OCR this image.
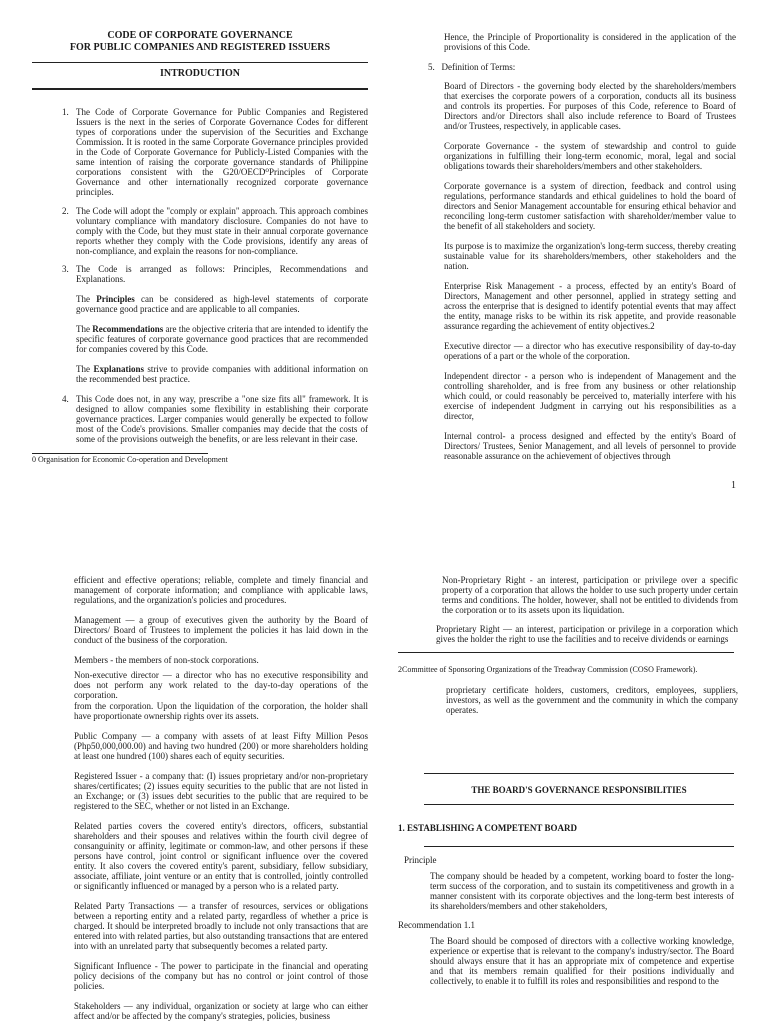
CODE OF CORPORATE GOVERNANCE

FOR PUBLIC COMPANIES AND REGISTERED ISSUERS

INTRODUCTION

1. The Code of Corporate Governance for Public Companies and Registered Issuers is the next in the series of Corporate Governance Codes for different types of corporations under the supervision of the Securities and Exchange Commission. It is rooted in the same Corporate Governance principles provided in the Code of Corporate Governance for Publicly-Listed Companies with the same intention of raising the corporate governance standards of Philippine corporations consistent with the G20/OECD⁰Principles of Corporate Governance and other internationally recognized corporate governance principles.

2. The Code will adopt the "comply or explain" approach. This approach combines voluntary compliance with mandatory disclosure. Companies do not have to comply with the Code, but they must state in their annual corporate governance reports whether they comply with the Code provisions, identify any areas of non-compliance, and explain the reasons for non-compliance.

3. The Code is arranged as follows: Principles, Recommendations and Explanations.

The Principles can be considered as high-level statements of corporate governance good practice and are applicable to all companies.

The Recommendations are the objective criteria that are intended to identify the specific features of corporate governance good practices that are recommended for companies covered by this Code.

The Explanations strive to provide companies with additional information on the recommended best practice.

4. This Code does not, in any way, prescribe a "one size fits all" framework. It is designed to allow companies some flexibility in establishing their corporate governance practices. Larger companies would generally be expected to follow most of the Code's provisions. Smaller companies may decide that the costs of some of the provisions outweigh the benefits, or are less relevant in their case.

0 Organisation for Economic Co-operation and Development

Hence, the Principle of Proportionality is considered in the application of the provisions of this Code.

5. Definition of Terms:

Board of Directors - the governing body elected by the shareholders/members that exercises the corporate powers of a corporation, conducts all its business and controls its properties. For purposes of this Code, reference to Board of Directors and/or Directors shall also include reference to Board of Trustees and/or Trustees, respectively, in applicable cases.

Corporate Governance - the system of stewardship and control to guide organizations in fulfilling their long-term economic, moral, legal and social obligations towards their shareholders/members and other stakeholders.

Corporate governance is a system of direction, feedback and control using regulations, performance standards and ethical guidelines to hold the board of directors and Senior Management accountable for ensuring ethical behavior and reconciling long-term customer satisfaction with shareholder/member value to the benefit of all stakeholders and society.

Its purpose is to maximize the organization's long-term success, thereby creating sustainable value for its shareholders/members, other stakeholders and the nation.

Enterprise Risk Management - a process, effected by an entity's Board of Directors, Management and other personnel, applied in strategy setting and across the enterprise that is designed to identify potential events that may affect the entity, manage risks to be within its risk appetite, and provide reasonable assurance regarding the achievement of entity objectives.2

Executive director — a director who has executive responsibility of day-to-day operations of a part or the whole of the corporation.

Independent director - a person who is independent of Management and the controlling shareholder, and is free from any business or other relationship which could, or could reasonably be perceived to, materially interfere with his exercise of independent Judgment in carrying out his responsibilities as a director,

Internal control- a process designed and effected by the entity's Board of Directors/ Trustees, Senior Management, and all levels of personnel to provide reasonable assurance on the achievement of objectives through

1

efficient and effective operations; reliable, complete and timely financial and management of corporate information; and compliance with applicable laws, regulations, and the organization's policies and procedures.

Management — a group of executives given the authority by the Board of Directors/ Board of Trustees to implement the policies it has laid down in the conduct of the business of the corporation.

Members - the members of non-stock corporations.

Non-executive director — a director who has no executive responsibility and does not perform any work related to the day-to-day operations of the corporation.

from the corporation. Upon the liquidation of the corporation, the holder shall have proportionate ownership rights over its assets.

Public Company — a company with assets of at least Fifty Million Pesos (Php50,000,000.00) and having two hundred (200) or more shareholders holding at least one hundred (100) shares each of equity securities.

Registered Issuer - a company that: (I) issues proprietary and/or non-proprietary shares/certificates; (2) issues equity securities to the public that are not listed in an Exchange; or (3) issues debt securities to the public that are required to be registered to the SEC, whether or not listed in an Exchange.

Related parties covers the covered entity's directors, officers, substantial shareholders and their spouses and relatives within the fourth civil degree of consanguinity or affinity, legitimate or common-law, and other persons if these persons have control, joint control or significant influence over the covered entity. It also covers the covered entity's parent, subsidiary, fellow subsidiary, associate, affiliate, joint venture or an entity that is controlled, jointly controlled or significantly influenced or managed by a person who is a related party.

Related Party Transactions — a transfer of resources, services or obligations between a reporting entity and a related party, regardless of whether a price is charged. It should be interpreted broadly to include not only transactions that are entered into with related parties, but also outstanding transactions that are entered into with an unrelated party that subsequently becomes a related party.

Significant Influence - The power to participate in the financial and operating policy decisions of the company but has no control or joint control of those policies.

Stakeholders — any individual, organization or society at large who can either affect and/or be affected by the company's strategies, policies, business

Non-Proprietary Right - an interest, participation or privilege over a specific property of a corporation that allows the holder to use such property under certain terms and conditions. The holder, however, shall not be entitled to dividends from the corporation or to its assets upon its liquidation.

Proprietary Right — an interest, participation or privilege in a corporation which gives the holder the right to use the facilities and to receive dividends or earnings

2Committee of Sponsoring Organizations of the Treadway Commission (COSO Framework).

proprietary certificate holders, customers, creditors, employees, suppliers, investors, as well as the government and the community in which the company operates.

THE BOARD'S GOVERNANCE RESPONSIBILITIES

1. ESTABLISHING A COMPETENT BOARD

Principle

The company should be headed by a competent, working board to foster the long-term success of the corporation, and to sustain its competitiveness and growth in a manner consistent with its corporate objectives and the long-term best interests of its shareholders/members and other stakeholders,

Recommendation 1.1

The Board should be composed of directors with a collective working knowledge, experience or expertise that is relevant to the company's industry/sector. The Board should always ensure that it has an appropriate mix of competence and expertise and that its members remain qualified for their positions individually and collectively, to enable it to fulfill its roles and responsibilities and respond to the
